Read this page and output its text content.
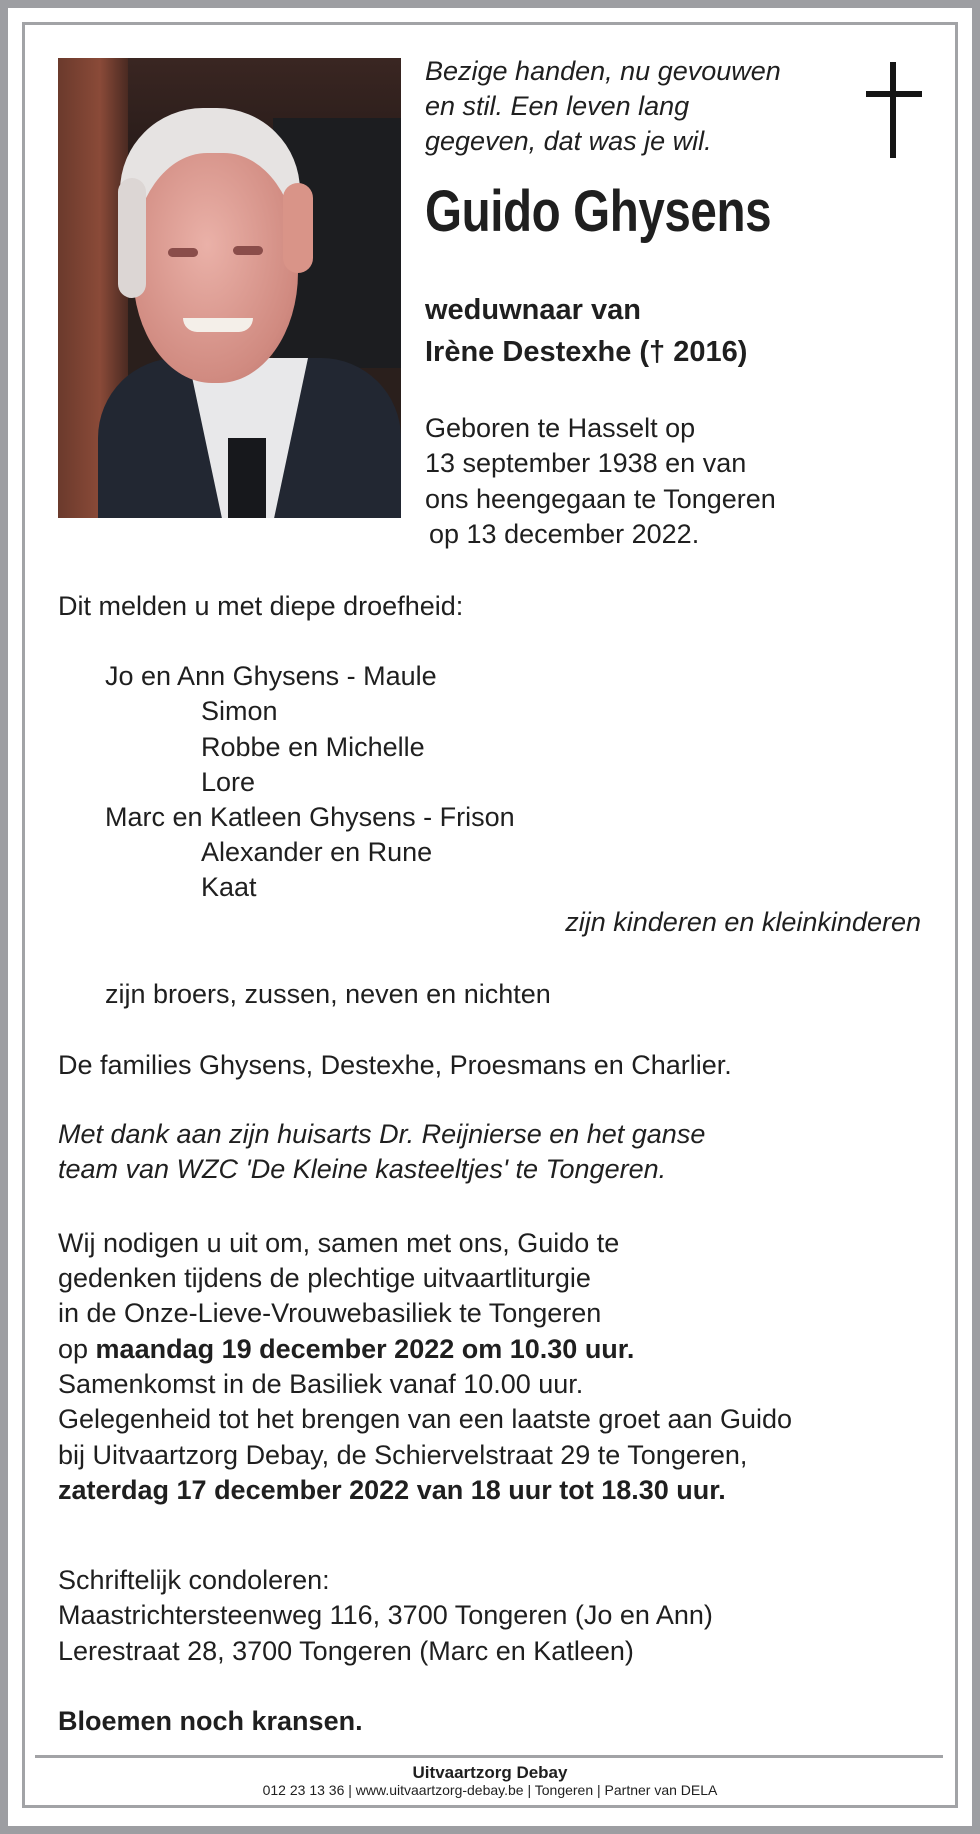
Bezige handen, nu gevouwen
en stil. Een leven lang
gegeven, dat was je wil.
Guido Ghysens
weduwnaar van
Irène Destexhe († 2016)
Geboren te Hasselt op
13 september 1938 en van
ons heengegaan te Tongeren
op 13 december 2022.
Dit melden u met diepe droefheid:
Jo en Ann Ghysens - Maule
Simon
Robbe en Michelle
Lore
Marc en Katleen Ghysens - Frison
Alexander en Rune
Kaat
zijn kinderen en kleinkinderen
zijn broers, zussen, neven en nichten
De families Ghysens, Destexhe, Proesmans en Charlier.
Met dank aan zijn huisarts Dr. Reijnierse en het ganse
team van WZC 'De Kleine kasteeltjes' te Tongeren.
Wij nodigen u uit om, samen met ons, Guido te
gedenken tijdens de plechtige uitvaartliturgie
in de Onze-Lieve-Vrouwebasiliek te Tongeren
op maandag 19 december 2022 om 10.30 uur.
Samenkomst in de Basiliek vanaf 10.00 uur.
Gelegenheid tot het brengen van een laatste groet aan Guido
bij Uitvaartzorg Debay, de Schiervelstraat 29 te Tongeren,
zaterdag 17 december 2022 van 18 uur tot 18.30 uur.
Schriftelijk condoleren:
Maastrichtersteenweg 116, 3700 Tongeren (Jo en Ann)
Lerestraat 28, 3700 Tongeren (Marc en Katleen)
Bloemen noch kransen.
Uitvaartzorg Debay
012 23 13 36 | www.uitvaartzorg-debay.be | Tongeren | Partner van DELA
